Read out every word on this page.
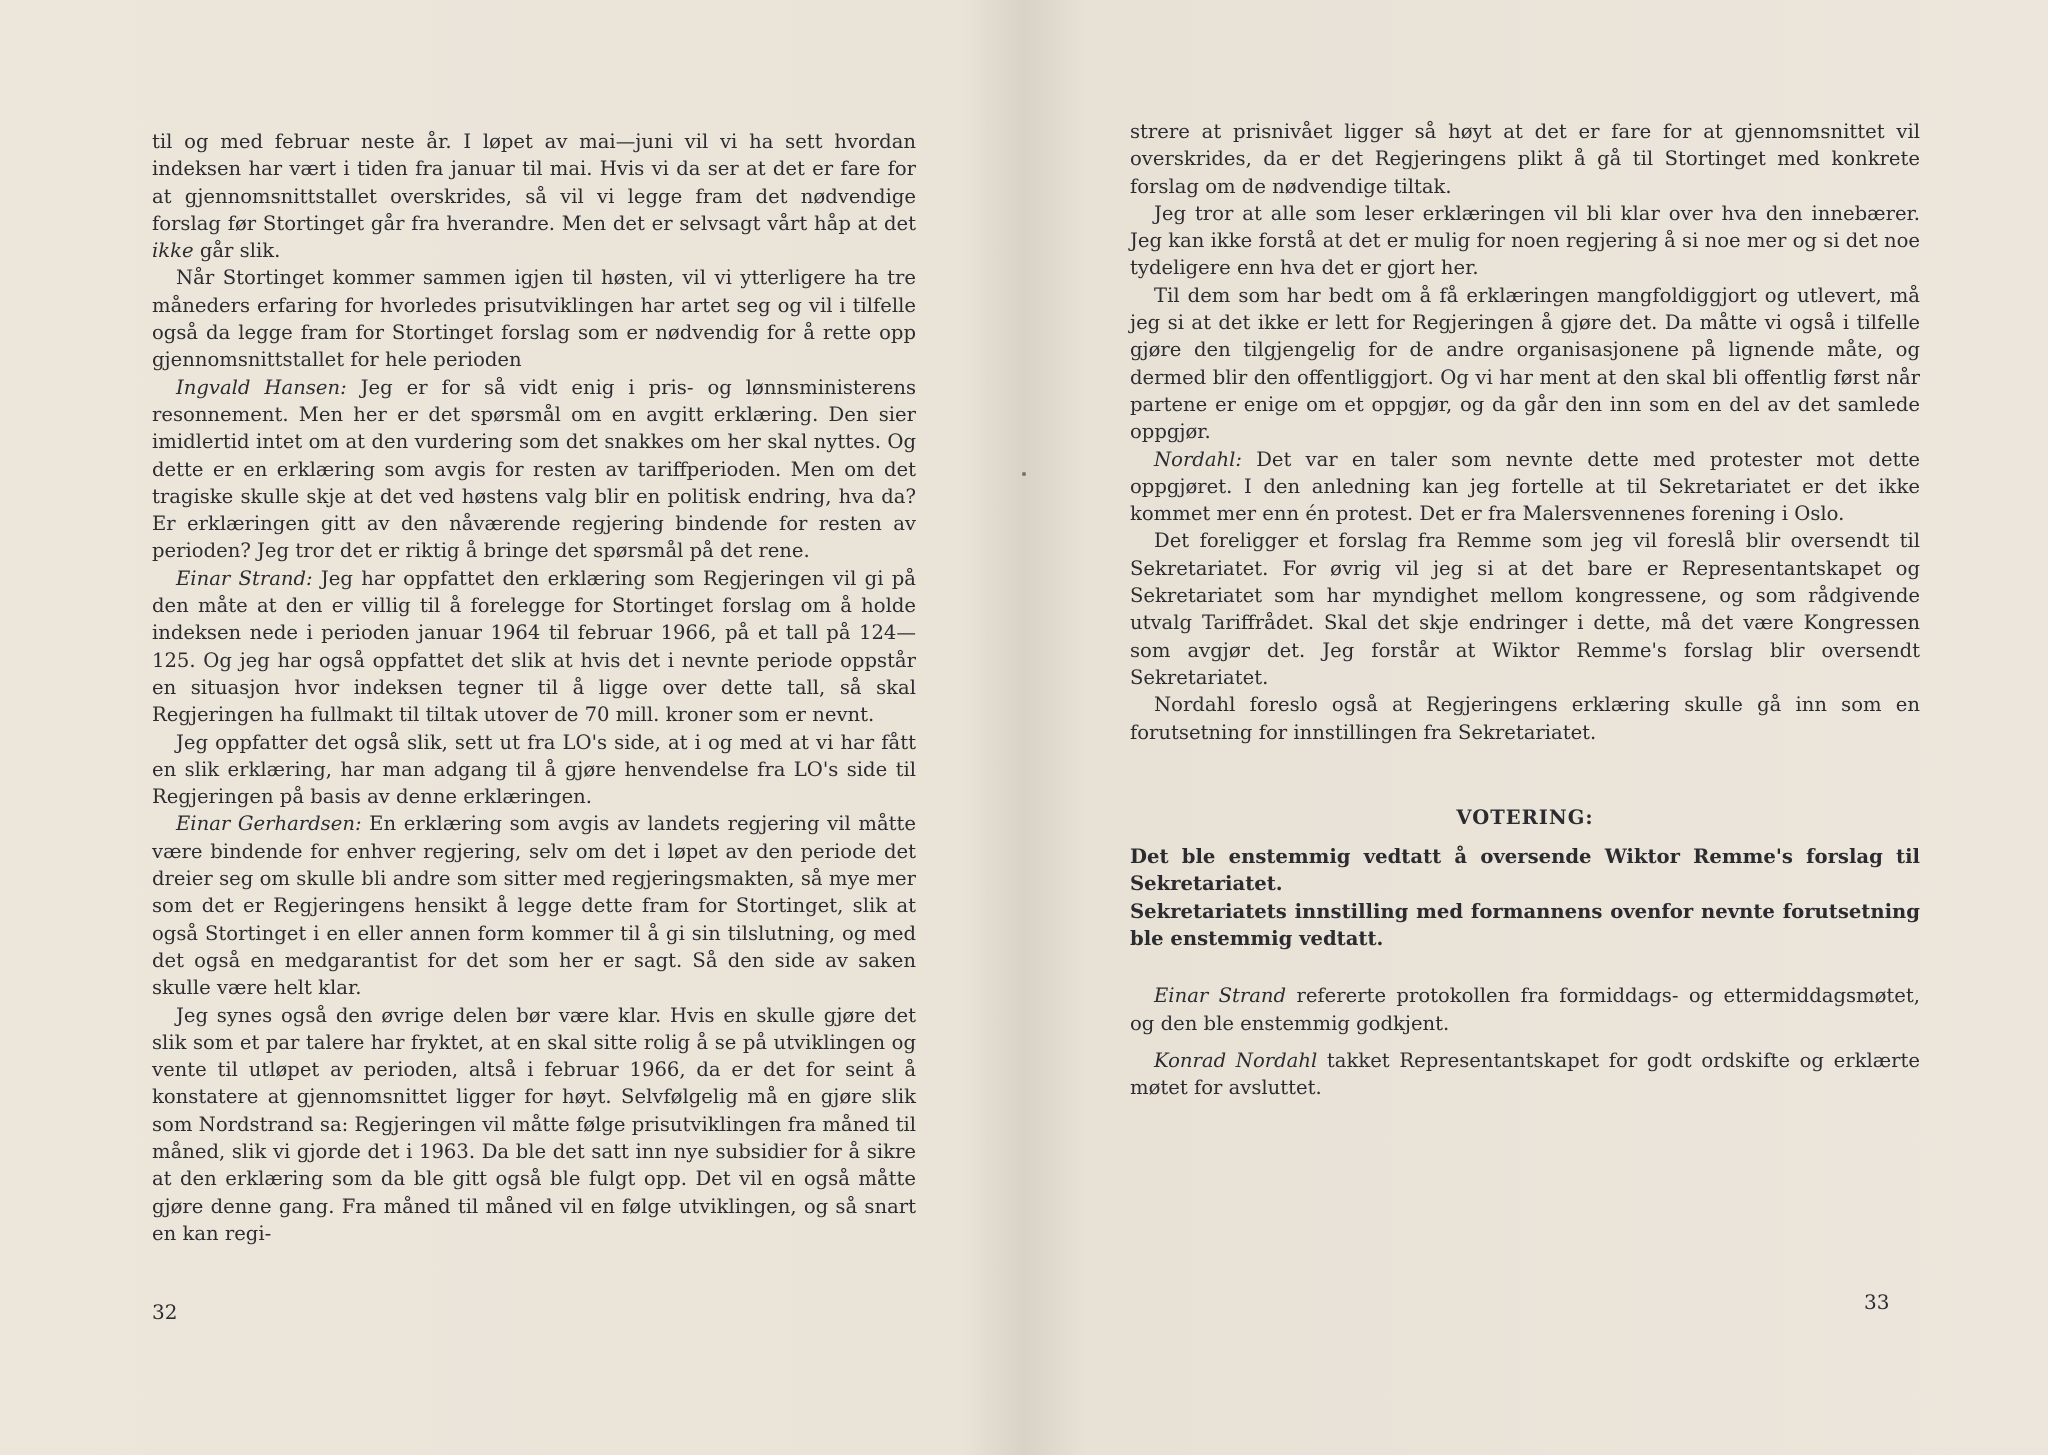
til og med februar neste år. I løpet av mai—juni vil vi ha sett hvordan indeksen har vært i tiden fra januar til mai. Hvis vi da ser at det er fare for at gjennomsnittstallet overskrides, så vil vi legge fram det nødvendige forslag før Stortinget går fra hverandre. Men det er selvsagt vårt håp at det ikke går slik.

Når Stortinget kommer sammen igjen til høsten, vil vi ytterligere ha tre måneders erfaring for hvorledes prisutviklingen har artet seg og vil i tilfelle også da legge fram for Stortinget forslag som er nødvendig for å rette opp gjennomsnittstallet for hele perioden

Ingvald Hansen: Jeg er for så vidt enig i pris- og lønnsministerens resonnement. Men her er det spørsmål om en avgitt erklæring. Den sier imidlertid intet om at den vurdering som det snakkes om her skal nyttes. Og dette er en erklæring som avgis for resten av tariffperioden. Men om det tragiske skulle skje at det ved høstens valg blir en politisk endring, hva da? Er erklæringen gitt av den nåværende regjering bindende for resten av perioden? Jeg tror det er riktig å bringe det spørsmål på det rene.

Einar Strand: Jeg har oppfattet den erklæring som Regjeringen vil gi på den måte at den er villig til å forelegge for Stortinget forslag om å holde indeksen nede i perioden januar 1964 til februar 1966, på et tall på 124—125. Og jeg har også oppfattet det slik at hvis det i nevnte periode oppstår en situasjon hvor indeksen tegner til å ligge over dette tall, så skal Regjeringen ha fullmakt til tiltak utover de 70 mill. kroner som er nevnt.

Jeg oppfatter det også slik, sett ut fra LO's side, at i og med at vi har fått en slik erklæring, har man adgang til å gjøre henvendelse fra LO's side til Regjeringen på basis av denne erklæringen.

Einar Gerhardsen: En erklæring som avgis av landets regjering vil måtte være bindende for enhver regjering, selv om det i løpet av den periode det dreier seg om skulle bli andre som sitter med regjeringsmakten, så mye mer som det er Regjeringens hensikt å legge dette fram for Stortinget, slik at også Stortinget i en eller annen form kommer til å gi sin tilslutning, og med det også en medgarantist for det som her er sagt. Så den side av saken skulle være helt klar.

Jeg synes også den øvrige delen bør være klar. Hvis en skulle gjøre det slik som et par talere har fryktet, at en skal sitte rolig å se på utviklingen og vente til utløpet av perioden, altså i februar 1966, da er det for seint å konstatere at gjennomsnittet ligger for høyt. Selvfølgelig må en gjøre slik som Nordstrand sa: Regjeringen vil måtte følge prisutviklingen fra måned til måned, slik vi gjorde det i 1963. Da ble det satt inn nye subsidier for å sikre at den erklæring som da ble gitt også ble fulgt opp. Det vil en også måtte gjøre denne gang. Fra måned til måned vil en følge utviklingen, og så snart en kan regi-

32

strere at prisnivået ligger så høyt at det er fare for at gjennomsnittet vil overskrides, da er det Regjeringens plikt å gå til Stortinget med konkrete forslag om de nødvendige tiltak.

Jeg tror at alle som leser erklæringen vil bli klar over hva den innebærer. Jeg kan ikke forstå at det er mulig for noen regjering å si noe mer og si det noe tydeligere enn hva det er gjort her.

Til dem som har bedt om å få erklæringen mangfoldiggjort og utlevert, må jeg si at det ikke er lett for Regjeringen å gjøre det. Da måtte vi også i tilfelle gjøre den tilgjengelig for de andre organisasjonene på lignende måte, og dermed blir den offentliggjort. Og vi har ment at den skal bli offentlig først når partene er enige om et oppgjør, og da går den inn som en del av det samlede oppgjør.

Nordahl: Det var en taler som nevnte dette med protester mot dette oppgjøret. I den anledning kan jeg fortelle at til Sekretariatet er det ikke kommet mer enn én protest. Det er fra Malersvennenes forening i Oslo.

Det foreligger et forslag fra Remme som jeg vil foreslå blir oversendt til Sekretariatet. For øvrig vil jeg si at det bare er Representantskapet og Sekretariatet som har myndighet mellom kongressene, og som rådgivende utvalg Tariffrådet. Skal det skje endringer i dette, må det være Kongressen som avgjør det. Jeg forstår at Wiktor Remme's forslag blir oversendt Sekretariatet.

Nordahl foreslo også at Regjeringens erklæring skulle gå inn som en forutsetning for innstillingen fra Sekretariatet.

VOTERING:

Det ble enstemmig vedtatt å oversende Wiktor Remme's forslag til Sekretariatet.

Sekretariatets innstilling med formannens ovenfor nevnte forutsetning ble enstemmig vedtatt.

Einar Strand refererte protokollen fra formiddags- og ettermiddagsmøtet, og den ble enstemmig godkjent.

Konrad Nordahl takket Representantskapet for godt ordskifte og erklærte møtet for avsluttet.

33
